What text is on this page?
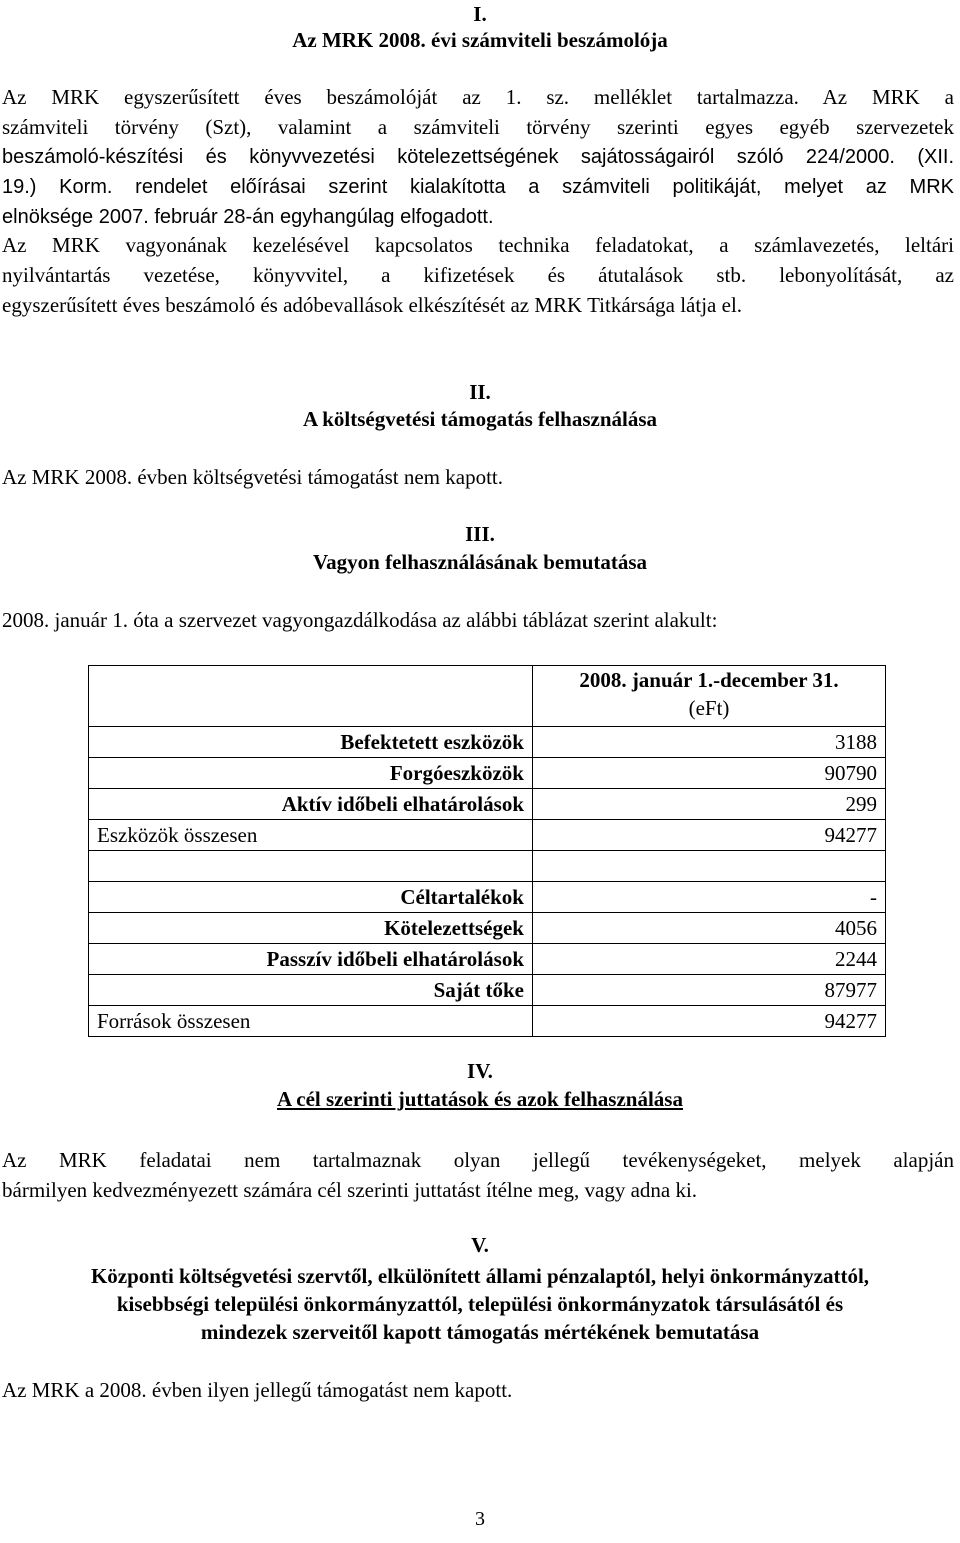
I.
Az MRK 2008. évi számviteli beszámolója
Az MRK egyszerűsített éves beszámolóját az 1. sz. melléklet tartalmazza. Az MRK a
számviteli törvény (Szt), valamint a számviteli törvény szerinti egyes egyéb szervezetek
beszámoló-készítési és könyvvezetési kötelezettségének sajátosságairól szóló 224/2000. (XII.
19.) Korm. rendelet előírásai szerint kialakította a számviteli politikáját, melyet az MRK
elnöksége 2007. február 28-án egyhangúlag elfogadott.
Az MRK vagyonának kezelésével kapcsolatos technika feladatokat, a számlavezetés, leltári
nyilvántartás vezetése, könyvvitel, a kifizetések és átutalások stb. lebonyolítását, az
egyszerűsített éves beszámoló és adóbevallások elkészítését az MRK Titkársága látja el.
II.
A költségvetési támogatás felhasználása
Az MRK 2008. évben költségvetési támogatást nem kapott.
III.
Vagyon felhasználásának bemutatása
2008. január 1. óta a szervezet vagyongazdálkodása az alábbi táblázat szerint alakult:
	2008. január 1.-december 31.
(eFt)

Befektetett eszközök	3188
Forgóeszközök	90790
Aktív időbeli elhatárolások	299
Eszközök összesen	94277

Céltartalékok	-
Kötelezettségek	4056
Passzív időbeli elhatárolások	2244
Saját tőke	87977
Források összesen	94277
IV.
A cél szerinti juttatások és azok felhasználása
Az MRK feladatai nem tartalmaznak olyan jellegű tevékenységeket, melyek alapján
bármilyen kedvezményezett számára cél szerinti juttatást ítélne meg, vagy adna ki.
V.
Központi költségvetési szervtől, elkülönített állami pénzalaptól, helyi önkormányzattól,
kisebbségi települési önkormányzattól, települési önkormányzatok társulásától és
mindezek szerveitől kapott támogatás mértékének bemutatása
Az MRK a 2008. évben ilyen jellegű támogatást nem kapott.
3
